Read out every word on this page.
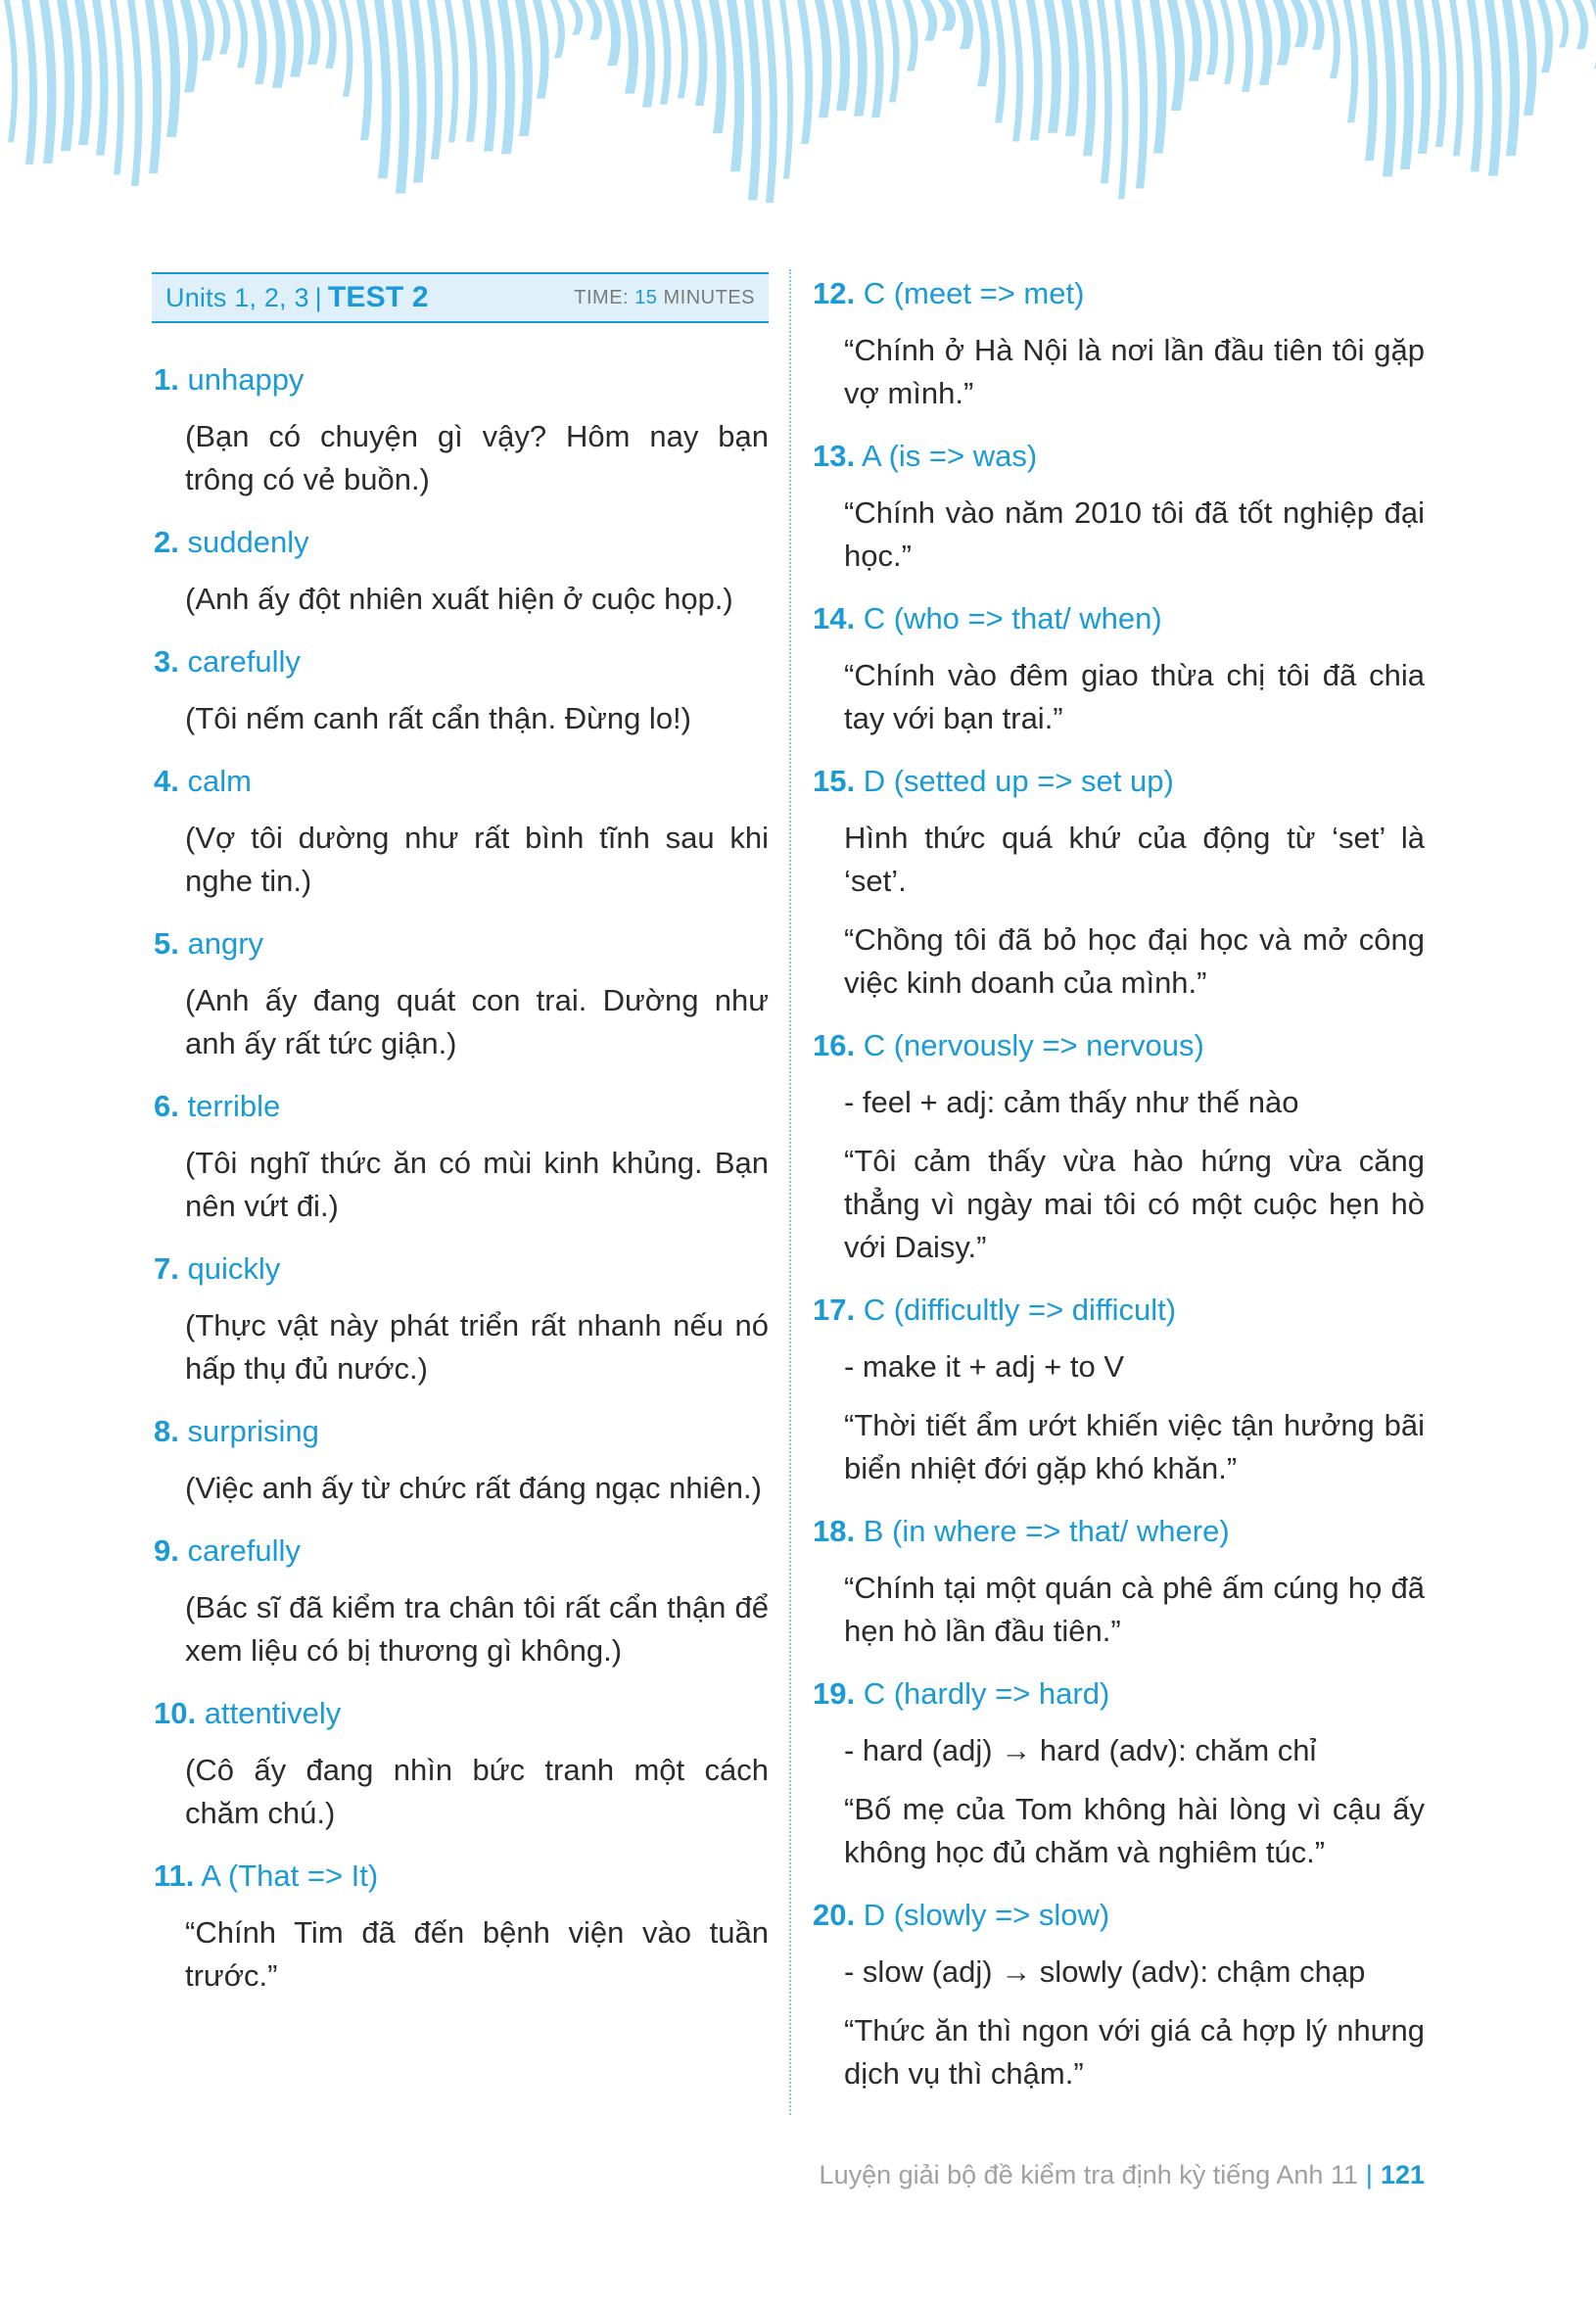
Units 1, 2, 3 | TEST 2	TIME: 15 MINUTES
1. unhappy
(Bạn có chuyện gì vậy? Hôm nay bạn trông có vẻ buồn.)
2. suddenly
(Anh ấy đột nhiên xuất hiện ở cuộc họp.)
3. carefully
(Tôi nếm canh rất cẩn thận. Đừng lo!)
4. calm
(Vợ tôi dường như rất bình tĩnh sau khi nghe tin.)
5. angry
(Anh ấy đang quát con trai. Dường như anh ấy rất tức giận.)
6. terrible
(Tôi nghĩ thức ăn có mùi kinh khủng. Bạn nên vứt đi.)
7. quickly
(Thực vật này phát triển rất nhanh nếu nó hấp thụ đủ nước.)
8. surprising
(Việc anh ấy từ chức rất đáng ngạc nhiên.)
9. carefully
(Bác sĩ đã kiểm tra chân tôi rất cẩn thận để xem liệu có bị thương gì không.)
10. attentively
(Cô ấy đang nhìn bức tranh một cách chăm chú.)
11. A (That => It)
“Chính Tim đã đến bệnh viện vào tuần trước.”
12. C (meet => met)
“Chính ở Hà Nội là nơi lần đầu tiên tôi gặp vợ mình.”
13. A (is => was)
“Chính vào năm 2010 tôi đã tốt nghiệp đại học.”
14. C (who => that/ when)
“Chính vào đêm giao thừa chị tôi đã chia tay với bạn trai.”
15. D (setted up => set up)
Hình thức quá khứ của động từ ‘set’ là ‘set’.
“Chồng tôi đã bỏ học đại học và mở công việc kinh doanh của mình.”
16. C (nervously => nervous)
- feel + adj: cảm thấy như thế nào
“Tôi cảm thấy vừa hào hứng vừa căng thẳng vì ngày mai tôi có một cuộc hẹn hò với Daisy.”
17. C (difficultly => difficult)
- make it + adj + to V
“Thời tiết ẩm ướt khiến việc tận hưởng bãi biển nhiệt đới gặp khó khăn.”
18. B (in where => that/ where)
“Chính tại một quán cà phê ấm cúng họ đã hẹn hò lần đầu tiên.”
19. C (hardly => hard)
- hard (adj) → hard (adv): chăm chỉ
“Bố mẹ của Tom không hài lòng vì cậu ấy không học đủ chăm và nghiêm túc.”
20. D (slowly => slow)
- slow (adj) → slowly (adv): chậm chạp
“Thức ăn thì ngon với giá cả hợp lý nhưng dịch vụ thì chậm.”
Luyện giải bộ đề kiểm tra định kỳ tiếng Anh 11 | 121
